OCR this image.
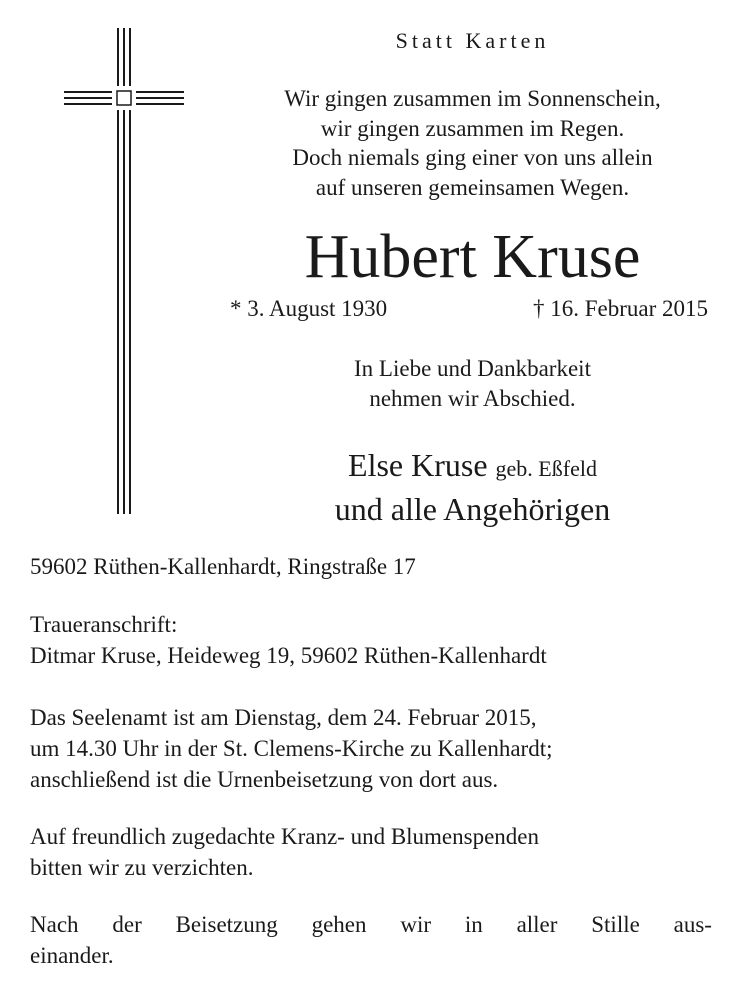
Statt Karten
Wir gingen zusammen im Sonnenschein,
wir gingen zusammen im Regen.
Doch niemals ging einer von uns allein
auf unseren gemeinsamen Wegen.
Hubert Kruse
* 3. August 1930	† 16. Februar 2015
In Liebe und Dankbarkeit
nehmen wir Abschied.
Else Kruse geb. Eßfeld
und alle Angehörigen
59602 Rüthen-Kallenhardt, Ringstraße 17
Traueranschrift:
Ditmar Kruse, Heideweg 19, 59602 Rüthen-Kallenhardt
Das Seelenamt ist am Dienstag, dem 24. Februar 2015,
um 14.30 Uhr in der St. Clemens-Kirche zu Kallenhardt;
anschließend ist die Urnenbeisetzung von dort aus.
Auf freundlich zugedachte Kranz- und Blumenspenden
bitten wir zu verzichten.
Nach der Beisetzung gehen wir in aller Stille aus-
einander.
